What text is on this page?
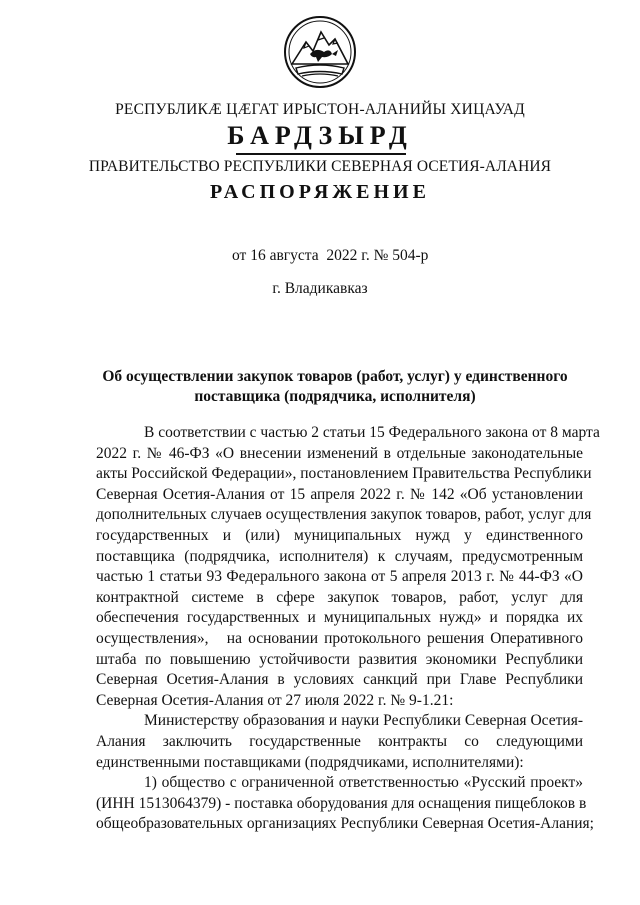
РЕСПУБЛИКÆ ЦÆГАТ ИРЫСТОН-АЛАНИЙЫ ХИЦАУАД
БАРДЗЫРД
ПРАВИТЕЛЬСТВО РЕСПУБЛИКИ СЕВЕРНАЯ ОСЕТИЯ-АЛАНИЯ
РАСПОРЯЖЕНИЕ
от 16 августа  2022 г. № 504-р
г. Владикавказ
Об осуществлении закупок товаров (работ, услуг) у единственного
поставщика (подрядчика, исполнителя)
В соответствии с частью 2 статьи 15 Федерального закона от 8 марта
2022 г. № 46-ФЗ «О внесении изменений в отдельные законодательные
акты Российской Федерации», постановлением Правительства Республики
Северная Осетия-Алания от 15 апреля 2022 г. № 142 «Об установлении
дополнительных случаев осуществления закупок товаров, работ, услуг для
государственных и (или) муниципальных нужд у единственного
поставщика (подрядчика, исполнителя) к случаям, предусмотренным
частью 1 статьи 93 Федерального закона от 5 апреля 2013 г. № 44-ФЗ «О
контрактной системе в сфере закупок товаров, работ, услуг для
обеспечения государственных и муниципальных нужд» и порядка их
осуществления»,   на основании протокольного решения Оперативного
штаба по повышению устойчивости развития экономики Республики
Северная Осетия-Алания в условиях санкций при Главе Республики
Северная Осетия-Алания от 27 июля 2022 г. № 9-1.21:
Министерству образования и науки Республики Северная Осетия-
Алания заключить государственные контракты со следующими
единственными поставщиками (подрядчиками, исполнителями):
1) общество с ограниченной ответственностью «Русский проект»
(ИНН 1513064379) - поставка оборудования для оснащения пищеблоков в
общеобразовательных организациях Республики Северная Осетия-Алания;
